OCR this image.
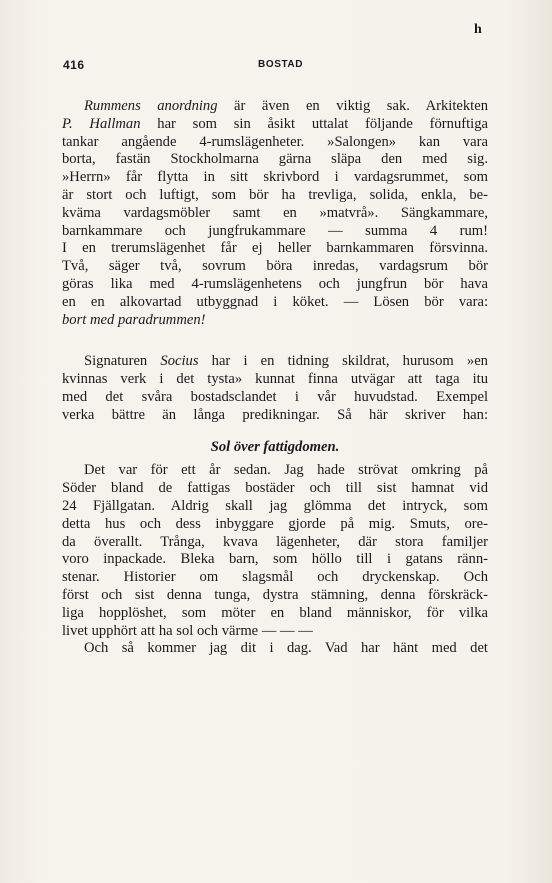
h
416	BOSTAD
Rummens anordning är även en viktig sak. Arkitekten
P. Hallman har som sin åsikt uttalat följande förnuftiga
tankar angående 4-rumslägenheter. »Salongen» kan vara
borta, fastän Stockholmarna gärna släpa den med sig.
»Herrn» får flytta in sitt skrivbord i vardagsrummet, som
är stort och luftigt, som bör ha trevliga, solida, enkla, be-
kväma vardagsmöbler samt en »matvrå». Sängkammare,
barnkammare och jungfrukammare — summa 4 rum!
I en trerumslägenhet får ej heller barnkammaren försvinna.
Två, säger två, sovrum böra inredas, vardagsrum bör
göras lika med 4-rumslägenhetens och jungfrun bör hava
en en alkovartad utbyggnad i köket. — Lösen bör vara:
bort med paradrummen!
Signaturen Socius har i en tidning skildrat, hurusom »en
kvinnas verk i det tysta» kunnat finna utvägar att taga itu
med det svåra bostadsclandet i vår huvudstad. Exempel
verka bättre än långa predikningar. Så här skriver han:
Sol över fattigdomen.
Det var för ett år sedan. Jag hade strövat omkring på
Söder bland de fattigas bostäder och till sist hamnat vid
24 Fjällgatan. Aldrig skall jag glömma det intryck, som
detta hus och dess inbyggare gjorde på mig. Smuts, ore-
da överallt. Trånga, kvava lägenheter, där stora familjer
voro inpackade. Bleka barn, som höllo till i gatans ränn-
stenar. Historier om slagsmål och dryckenskap. Och
först och sist denna tunga, dystra stämning, denna förskräck-
liga hopplöshet, som möter en bland människor, för vilka
livet upphört att ha sol och värme — — —
Och så kommer jag dit i dag. Vad har hänt med det
